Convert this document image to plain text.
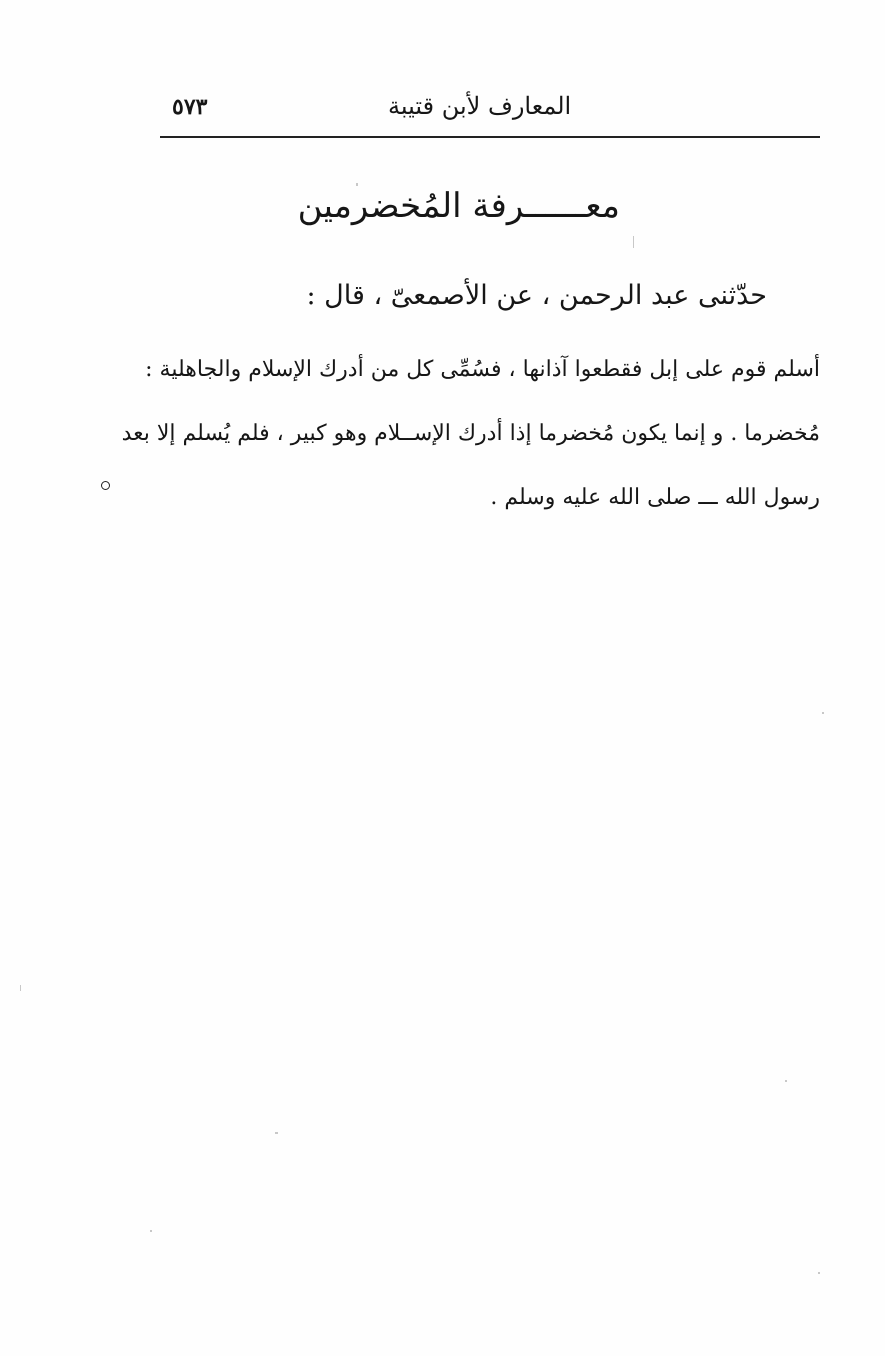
٥٧٣	المعارف لأبن قتيبة
معــــــرفة المُخضرمين
حدّثنى عبد الرحمن ، عن الأصمعىّ ، قال :
أسلم قوم على إبل فقطعوا آذانها ، فسُمِّى كل من أدرك الإسلام والجاهلية :
مُخضرما . و إنما يكون مُخضرما إذا أدرك الإســلام وهو كبير ، فلم يُسلم إلا بعد
رسول الله ـــ صلى الله عليه وسلم .
